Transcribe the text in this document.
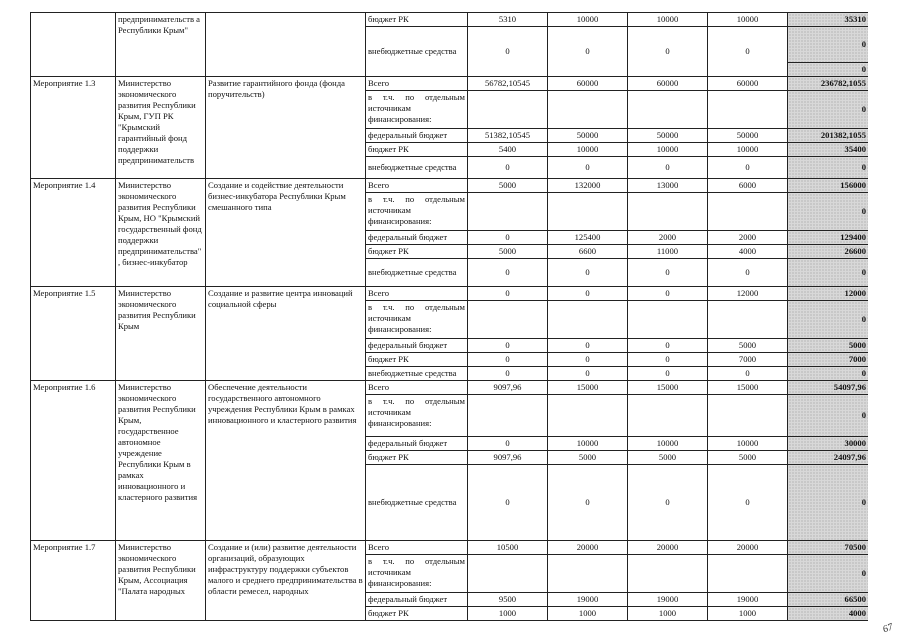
	предпринимательств а Республики Крым"		бюджет РК	5310	10000	10000	10000	35310
			внебюджетные средства	0	0	0	0	0
								0
Мероприятие 1.3	Министерство экономического развития Республики Крым, ГУП РК "Крымский гарантийный фонд поддержки предпринимательств	Развитие гарантийного фонда (фонда поручительств)	Всего	56782,10545	60000	60000	60000	236782,1055
			в т.ч. по отдельным источникам финансирования:					0
			федеральный бюджет	51382,10545	50000	50000	50000	201382,1055
			бюджет РК	5400	10000	10000	10000	35400
			внебюджетные средства	0	0	0	0	0
Мероприятие 1.4	Министерство экономического развития Республики Крым, НО "Крымский государственный фонд поддержки предпринимательства", бизнес-инкубатор	Создание и содействие деятельности бизнес-инкубатора Республики Крым смешанного типа	Всего	5000	132000	13000	6000	156000
			в т.ч. по отдельным источникам финансирования:					0
			федеральный бюджет	0	125400	2000	2000	129400
			бюджет РК	5000	6600	11000	4000	26600
			внебюджетные средства	0	0	0	0	0
Мероприятие 1.5	Министерство экономического развития Республики Крым	Создание и развитие центра инноваций социальной сферы	Всего	0	0	0	12000	12000
			в т.ч. по отдельным источникам финансирования:					0
			федеральный бюджет	0	0	0	5000	5000
			бюджет РК	0	0	0	7000	7000
			внебюджетные средства	0	0	0	0	0
Мероприятие 1.6	Министерство экономического развития Республики Крым, государственное автономное учреждение Республики Крым в рамках инновационного и кластерного развития	Обеспечение деятельности государственного автономного учреждения Республики Крым в рамках инновационного и кластерного развития	Всего	9097,96	15000	15000	15000	54097,96
			в т.ч. по отдельным источникам финансирования:					0
			федеральный бюджет	0	10000	10000	10000	30000
			бюджет РК	9097,96	5000	5000	5000	24097,96
			внебюджетные средства	0	0	0	0	0
Мероприятие 1.7	Министерство экономического развития Республики Крым, Ассоциация "Палата народных	Создание и (или) развитие деятельности организаций, образующих инфраструктуру поддержки субъектов малого и среднего предпринимательства в области ремесел, народных	Всего	10500	20000	20000	20000	70500
			в т.ч. по отдельным источникам финансирования:					0
			федеральный бюджет	9500	19000	19000	19000	66500
			бюджет РК	1000	1000	1000	1000	4000
67
